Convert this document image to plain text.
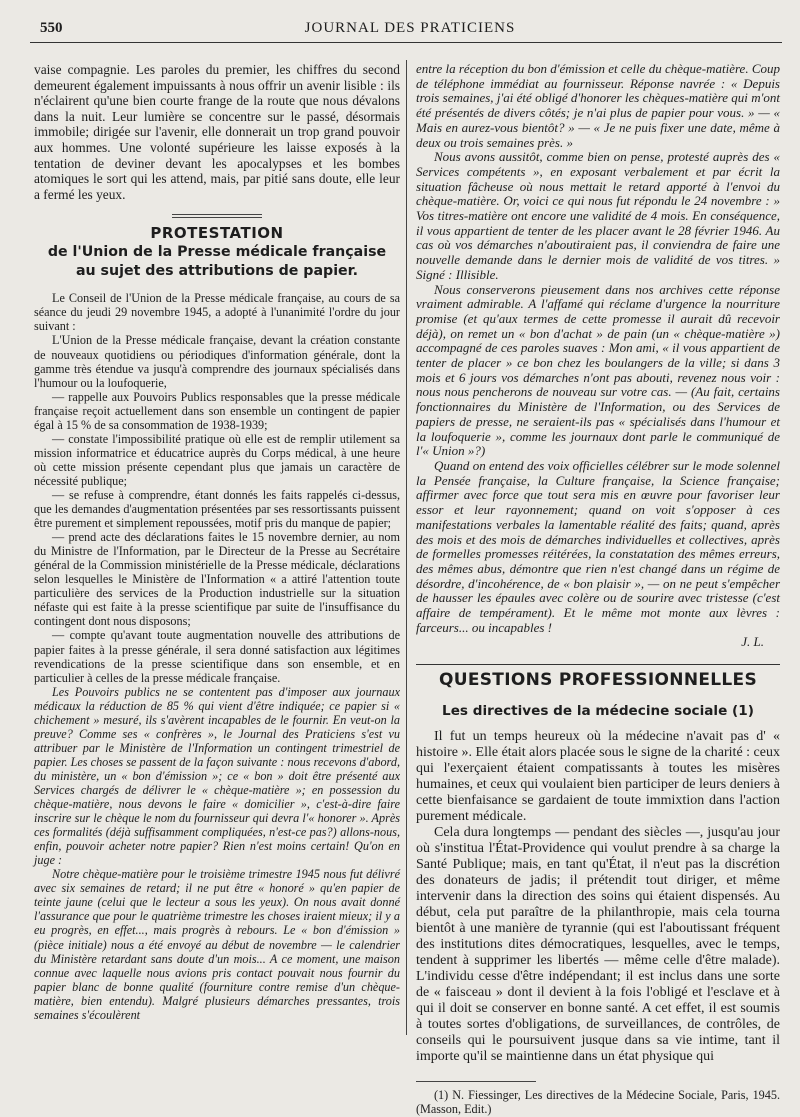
550	JOURNAL DES PRATICIENS

vaise compagnie. Les paroles du premier, les chiffres du second demeurent également impuissants à nous offrir un avenir lisible : ils n'éclairent qu'une bien courte frange de la route que nous dévalons dans la nuit. Leur lumière se concentre sur le passé, désormais immobile; dirigée sur l'avenir, elle donnerait un trop grand pouvoir aux hommes. Une volonté supérieure les laisse exposés à la tentation de deviner devant les apocalypses et les bombes atomiques le sort qui les attend, mais, par pitié sans doute, elle leur a fermé les yeux.

PROTESTATION
de l'Union de la Presse médicale française
au sujet des attributions de papier.

Le Conseil de l'Union de la Presse médicale française, au cours de sa séance du jeudi 29 novembre 1945, a adopté à l'unanimité l'ordre du jour suivant :

L'Union de la Presse médicale française, devant la création constante de nouveaux quotidiens ou périodiques d'information générale, dont la gamme très étendue va jusqu'à comprendre des journaux spécialisés dans l'humour ou la loufoquerie,

— rappelle aux Pouvoirs Publics responsables que la presse médicale française reçoit actuellement dans son ensemble un contingent de papier égal à 15 % de sa consommation de 1938-1939;

— constate l'impossibilité pratique où elle est de remplir utilement sa mission informatrice et éducatrice auprès du Corps médical, à une heure où cette mission présente cependant plus que jamais un caractère de nécessité publique;

— se refuse à comprendre, étant donnés les faits rappelés ci-dessus, que les demandes d'augmentation présentées par ses ressortissants puissent être purement et simplement repoussées, motif pris du manque de papier;

— prend acte des déclarations faites le 15 novembre dernier, au nom du Ministre de l'Information, par le Directeur de la Presse au Secrétaire général de la Commission ministérielle de la Presse médicale, déclarations selon lesquelles le Ministère de l'Information « a attiré l'attention toute particulière des services de la Production industrielle sur la situation néfaste qui est faite à la presse scientifique par suite de l'insuffisance du contingent dont nous disposons;

— compte qu'avant toute augmentation nouvelle des attributions de papier faites à la presse générale, il sera donné satisfaction aux légitimes revendications de la presse scientifique dans son ensemble, et en particulier à celles de la presse médicale française.

Les Pouvoirs publics ne se contentent pas d'imposer aux journaux médicaux la réduction de 85 % qui vient d'être indiquée; ce papier si « chichement » mesuré, ils s'avèrent incapables de le fournir. En veut-on la preuve? Comme ses « confrères », le Journal des Praticiens s'est vu attribuer par le Ministère de l'Information un contingent trimestriel de papier. Les choses se passent de la façon suivante : nous recevons d'abord, du ministère, un « bon d'émission »; ce « bon » doit être présenté aux Services chargés de délivrer le « chèque-matière »; en possession du chèque-matière, nous devons le faire « domicilier », c'est-à-dire faire inscrire sur le chèque le nom du fournisseur qui devra l'« honorer ». Après ces formalités (déjà suffisamment compliquées, n'est-ce pas?) allons-nous, enfin, pouvoir acheter notre papier? Rien n'est moins certain! Qu'on en juge :

Notre chèque-matière pour le troisième trimestre 1945 nous fut délivré avec six semaines de retard; il ne put être « honoré » qu'en papier de teinte jaune (celui que le lecteur a sous les yeux). On nous avait donné l'assurance que pour le quatrième trimestre les choses iraient mieux; il y a eu progrès, en effet..., mais progrès à rebours. Le « bon d'émission » (pièce initiale) nous a été envoyé au début de novembre — le calendrier du Ministère retardant sans doute d'un mois... A ce moment, une maison connue avec laquelle nous avions pris contact pouvait nous fournir du papier blanc de bonne qualité (fourniture contre remise d'un chèque-matière, bien entendu). Malgré plusieurs démarches pressantes, trois semaines s'écoulèrent

entre la réception du bon d'émission et celle du chèque-matière. Coup de téléphone immédiat au fournisseur. Réponse navrée : « Depuis trois semaines, j'ai été obligé d'honorer les chèques-matière qui m'ont été présentés de divers côtés; je n'ai plus de papier pour vous. » — « Mais en aurez-vous bientôt? » — « Je ne puis fixer une date, même à deux ou trois semaines près. »

Nous avons aussitôt, comme bien on pense, protesté auprès des « Services compétents », en exposant verbalement et par écrit la situation fâcheuse où nous mettait le retard apporté à l'envoi du chèque-matière. Or, voici ce qui nous fut répondu le 24 novembre : » Vos titres-matière ont encore une validité de 4 mois. En conséquence, il vous appartient de tenter de les placer avant le 28 février 1946. Au cas où vos démarches n'aboutiraient pas, il conviendra de faire une nouvelle demande dans le dernier mois de validité de vos titres. » Signé : Illisible.

Nous conserverons pieusement dans nos archives cette réponse vraiment admirable. A l'affamé qui réclame d'urgence la nourriture promise (et qu'aux termes de cette promesse il aurait dû recevoir déjà), on remet un « bon d'achat » de pain (un « chèque-matière ») accompagné de ces paroles suaves : Mon ami, « il vous appartient de tenter de placer » ce bon chez les boulangers de la ville; si dans 3 mois et 6 jours vos démarches n'ont pas abouti, revenez nous voir : nous nous pencherons de nouveau sur votre cas. — (Au fait, certains fonctionnaires du Ministère de l'Information, ou des Services de papiers de presse, ne seraient-ils pas « spécialisés dans l'humour et la loufoquerie », comme les journaux dont parle le communiqué de l'« Union »?)

Quand on entend des voix officielles célébrer sur le mode solennel la Pensée française, la Culture française, la Science française; affirmer avec force que tout sera mis en œuvre pour favoriser leur essor et leur rayonnement; quand on voit s'opposer à ces manifestations verbales la lamentable réalité des faits; quand, après des mois et des mois de démarches individuelles et collectives, après de formelles promesses réitérées, la constatation des mêmes erreurs, des mêmes abus, démontre que rien n'est changé dans un régime de désordre, d'incohérence, de « bon plaisir », — on ne peut s'empêcher de hausser les épaules avec colère ou de sourire avec tristesse (c'est affaire de tempérament). Et le même mot monte aux lèvres : farceurs... ou incapables !

J. L.
QUESTIONS PROFESSIONNELLES
Les directives de la médecine sociale (1)

Il fut un temps heureux où la médecine n'avait pas d' « histoire ». Elle était alors placée sous le signe de la charité : ceux qui l'exerçaient étaient compatissants à toutes les misères humaines, et ceux qui voulaient bien participer de leurs deniers à cette bienfaisance se gardaient de toute immixtion dans l'action purement médicale.

Cela dura longtemps — pendant des siècles —, jusqu'au jour où s'institua l'État-Providence qui voulut prendre à sa charge la Santé Publique; mais, en tant qu'État, il n'eut pas la discrétion des donateurs de jadis; il prétendit tout diriger, et même intervenir dans la direction des soins qui étaient dispensés. Au début, cela put paraître de la philanthropie, mais cela tourna bientôt à une manière de tyrannie (qui est l'aboutissant fréquent des institutions dites démocratiques, lesquelles, avec le temps, tendent à supprimer les libertés — même celle d'être malade). L'individu cesse d'être indépendant; il est inclus dans une sorte de « faisceau » dont il devient à la fois l'obligé et l'esclave et à qui il doit se conserver en bonne santé. A cet effet, il est soumis à toutes sortes d'obligations, de surveillances, de contrôles, de conseils qui le poursuivent jusque dans sa vie intime, tant il importe qu'il se maintienne dans un état physique qui

(1) N. Fiessinger, Les directives de la Médecine Sociale, Paris, 1945. (Masson, Edit.)
